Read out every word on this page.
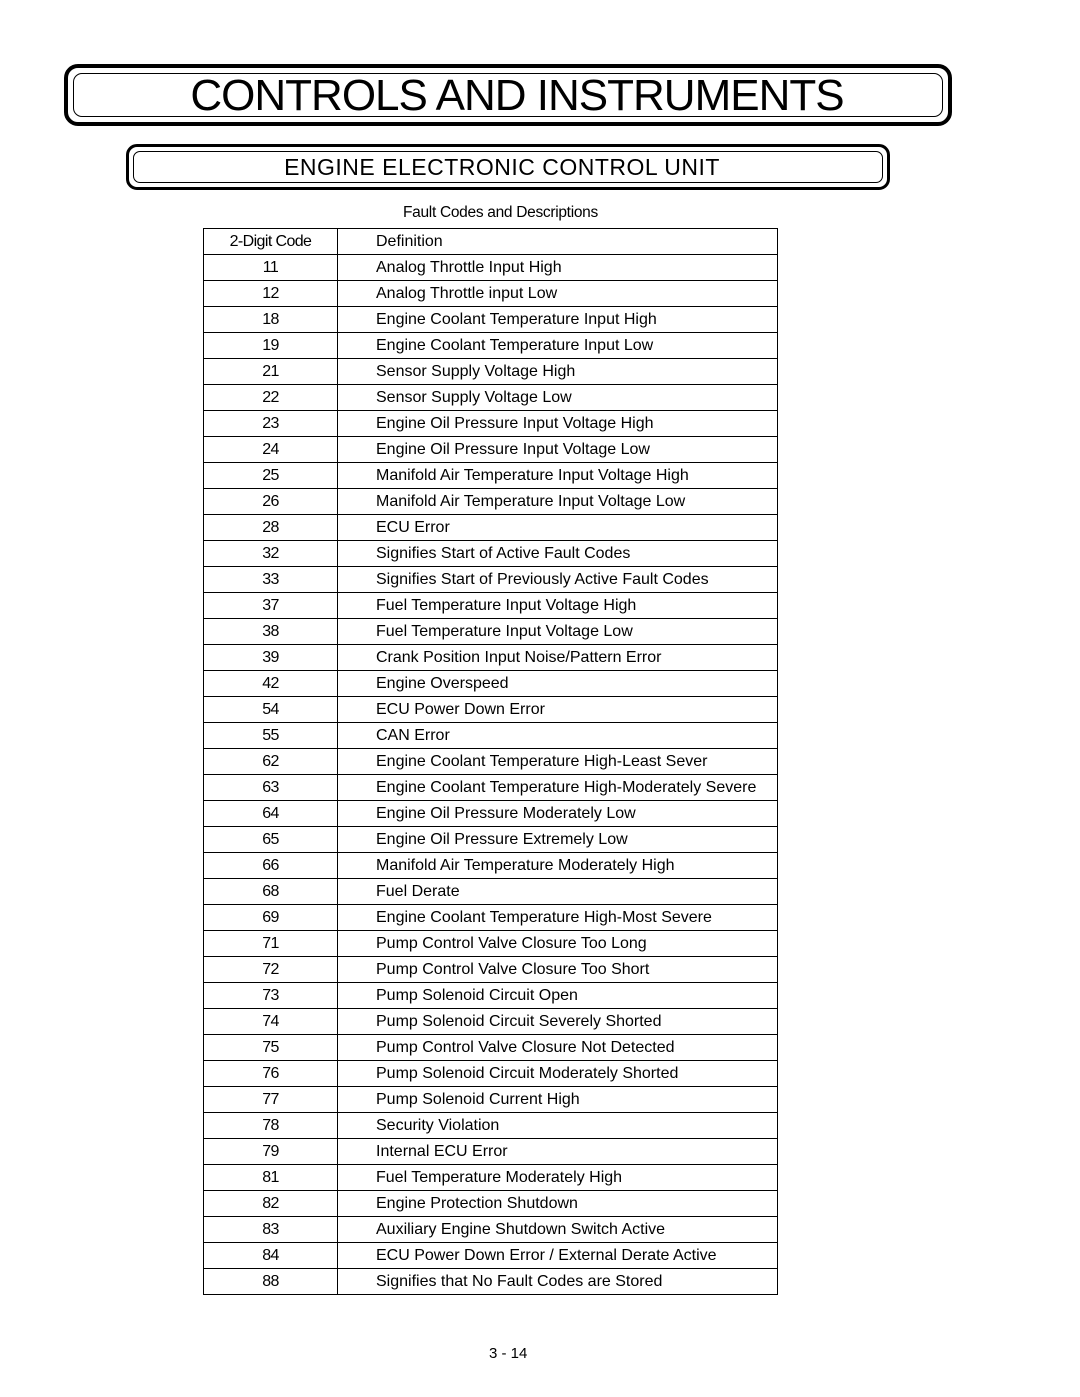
CONTROLS AND INSTRUMENTS
ENGINE ELECTRONIC CONTROL UNIT
Fault Codes and Descriptions
2-Digit Code	Definition
11	Analog Throttle Input High
12	Analog Throttle input Low
18	Engine Coolant Temperature Input High
19	Engine Coolant Temperature Input Low
21	Sensor Supply Voltage High
22	Sensor Supply Voltage Low
23	Engine Oil Pressure Input Voltage High
24	Engine Oil Pressure Input Voltage Low
25	Manifold Air Temperature Input Voltage High
26	Manifold Air Temperature Input Voltage Low
28	ECU Error
32	Signifies Start of Active Fault Codes
33	Signifies Start of Previously Active Fault Codes
37	Fuel Temperature Input Voltage High
38	Fuel Temperature Input Voltage Low
39	Crank Position Input Noise/Pattern Error
42	Engine Overspeed
54	ECU Power Down Error
55	CAN Error
62	Engine Coolant Temperature High-Least Sever
63	Engine Coolant Temperature High-Moderately Severe
64	Engine Oil Pressure Moderately Low
65	Engine Oil Pressure Extremely Low
66	Manifold Air Temperature Moderately High
68	Fuel Derate
69	Engine Coolant Temperature High-Most Severe
71	Pump Control Valve Closure Too Long
72	Pump Control Valve Closure Too Short
73	Pump Solenoid Circuit Open
74	Pump Solenoid Circuit Severely Shorted
75	Pump Control Valve Closure Not Detected
76	Pump Solenoid Circuit Moderately Shorted
77	Pump Solenoid Current High
78	Security Violation
79	Internal ECU Error
81	Fuel Temperature Moderately High
82	Engine Protection Shutdown
83	Auxiliary Engine Shutdown Switch Active
84	ECU Power Down Error / External Derate Active
88	Signifies that No Fault Codes are Stored
3 - 14
